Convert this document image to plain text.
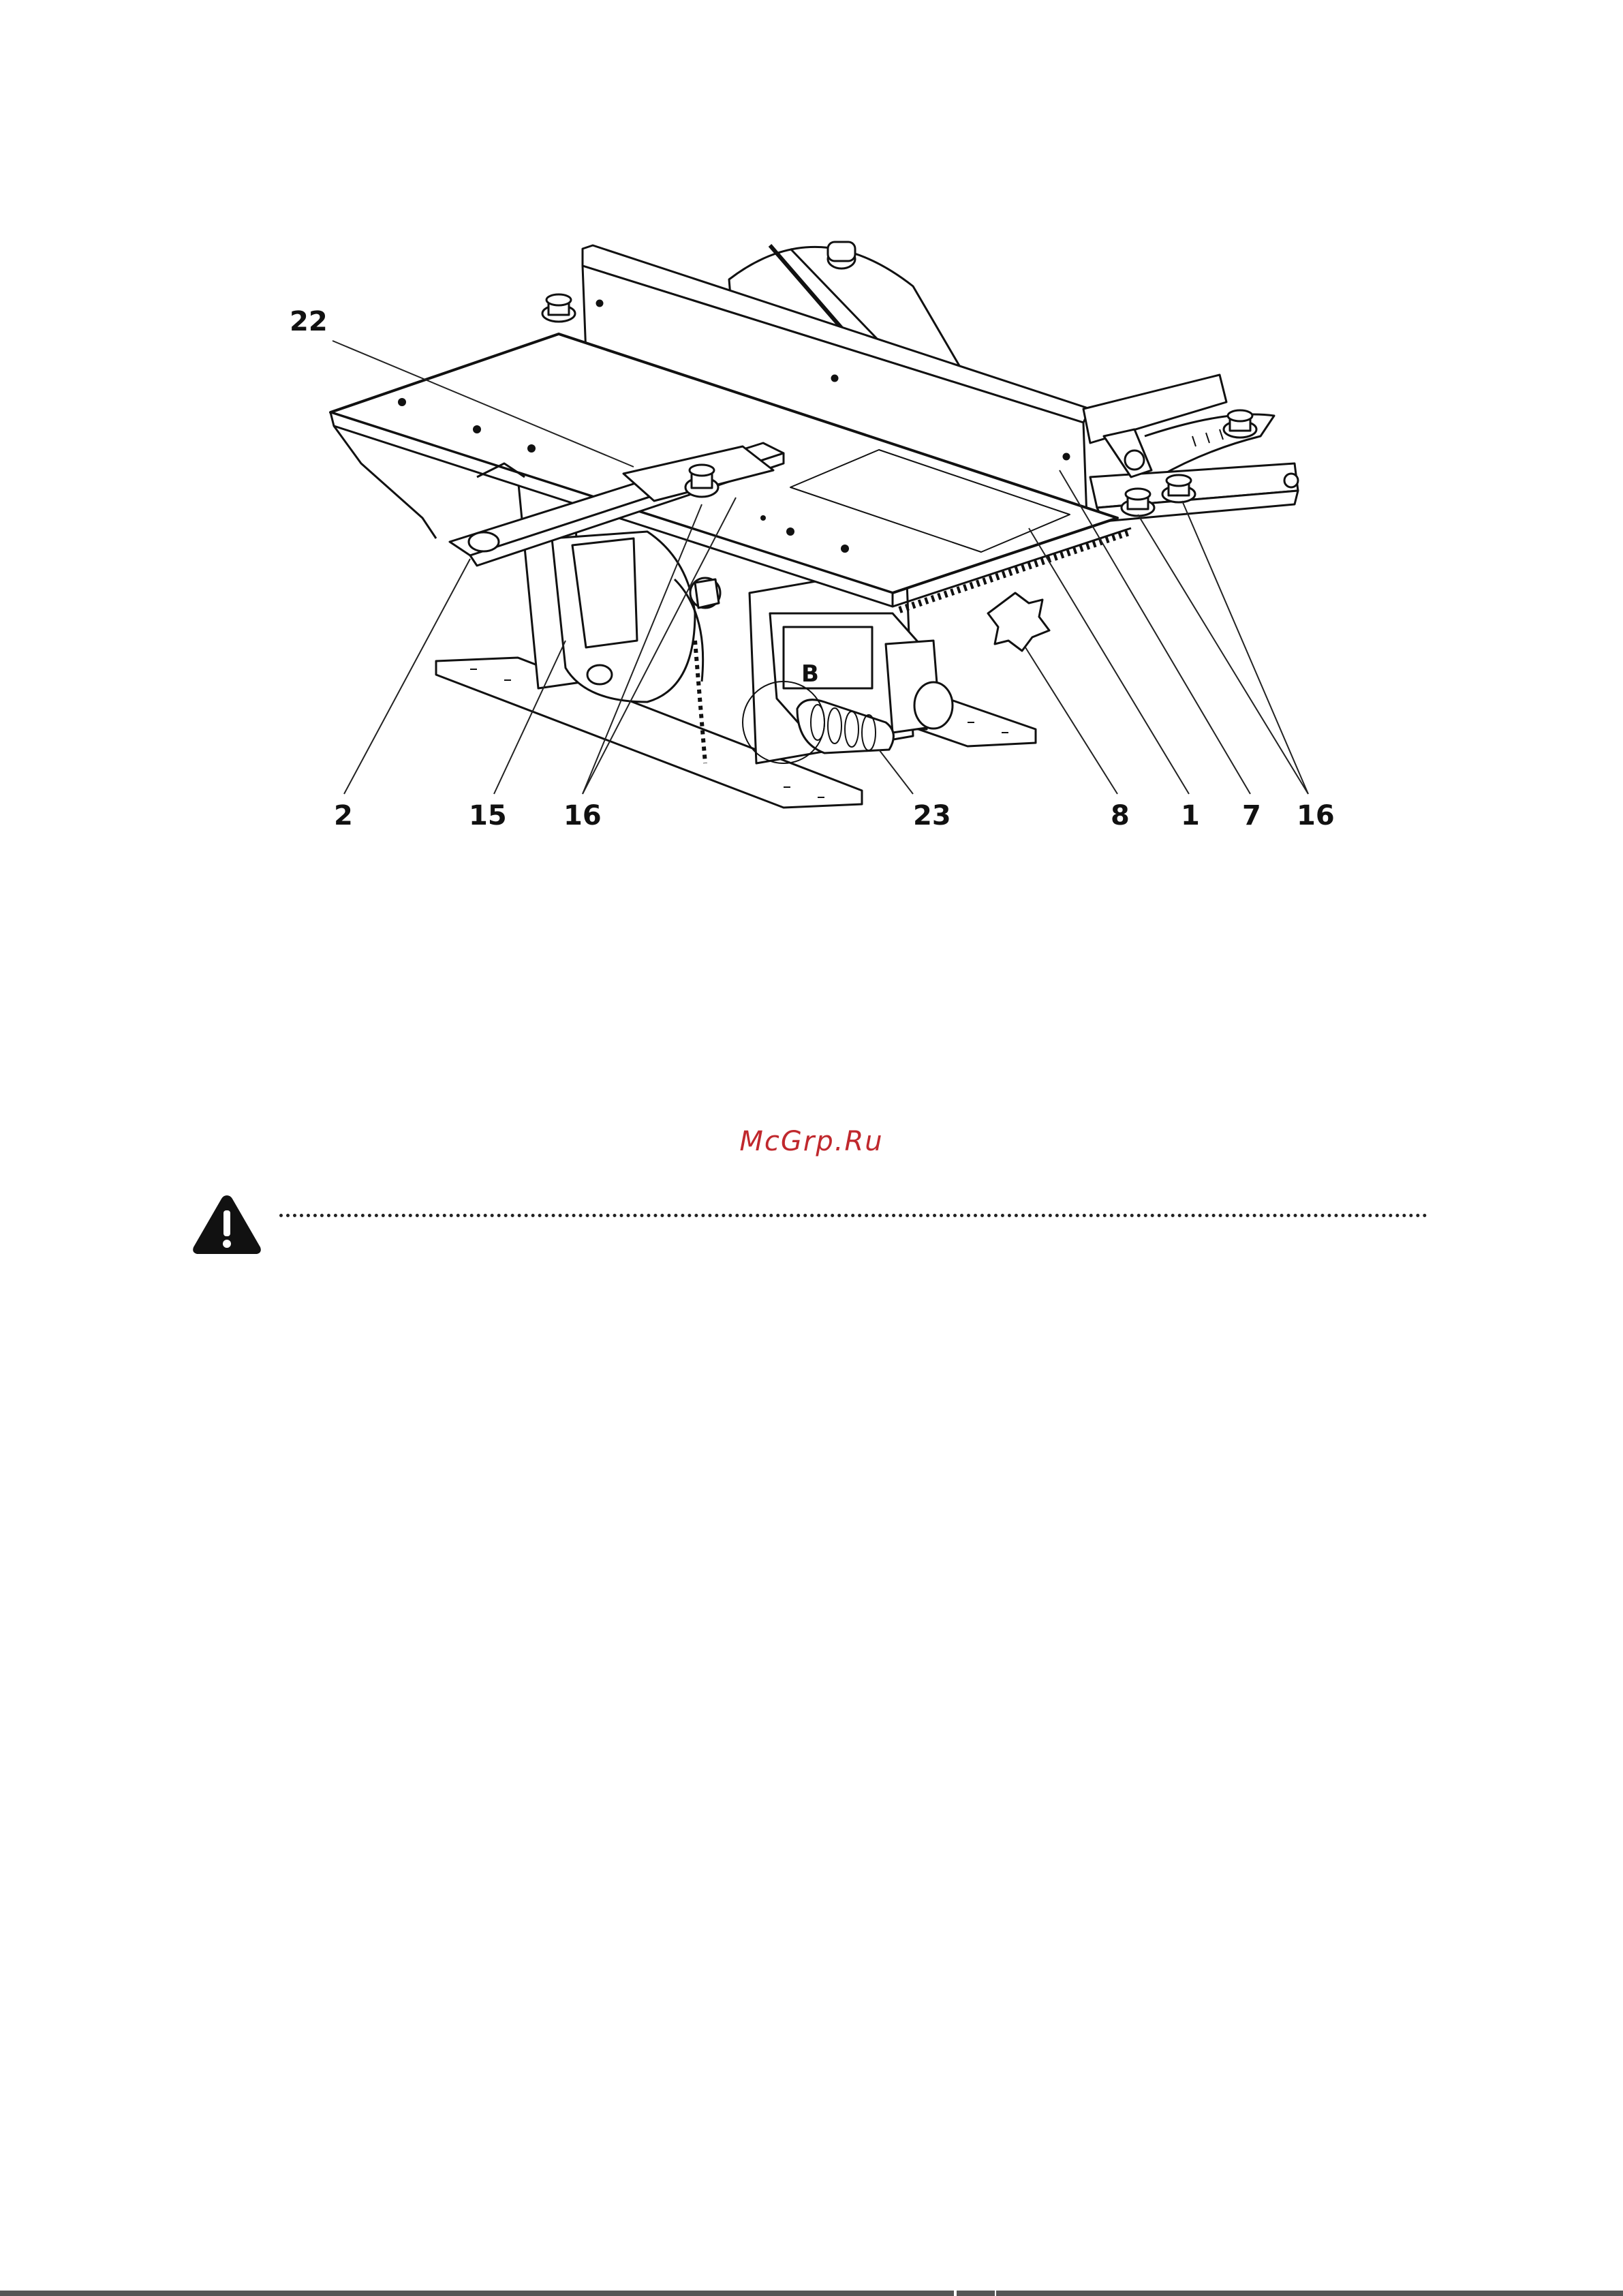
22
2	15 16	23	8 1 7 16
B
McGrp.Ru
